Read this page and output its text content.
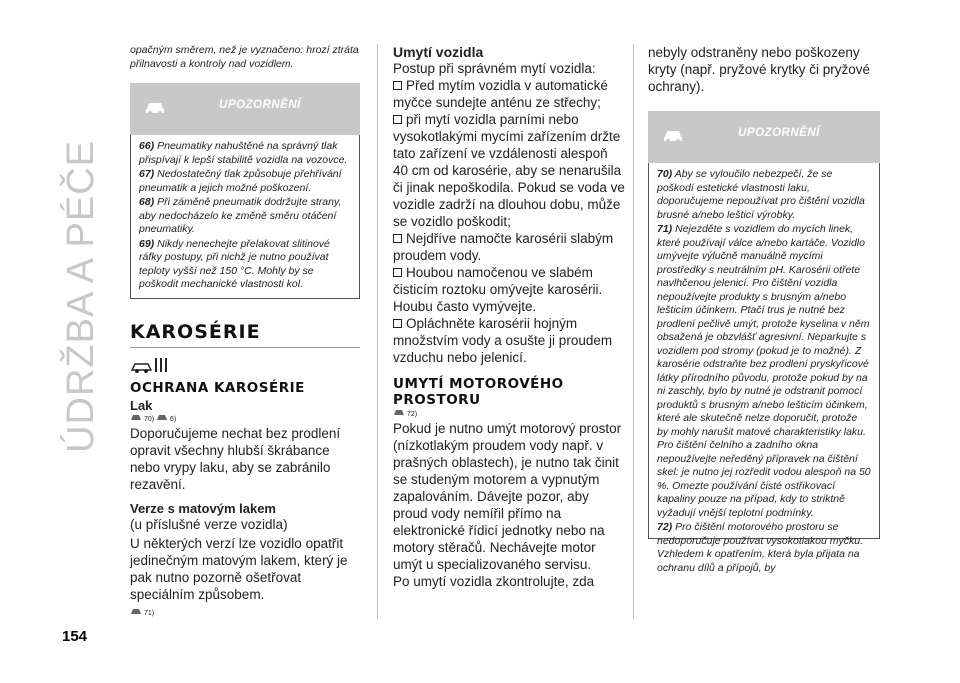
ÚDRŽBA A PÉČE
154
opačným směrem, než je vyznačeno: hrozí ztráta přilnavosti a kontroly nad vozidlem.
UPOZORNĚNÍ
66) Pneumatiky nahuštěné na správný tlak přispívají k lepší stabilitě vozidla na vozovce.
67) Nedostatečný tlak způsobuje přehřívání pneumatik a jejich možné poškození.
68) Při záměně pneumatik dodržujte strany, aby nedocházelo ke změně směru otáčení pneumatiky.
69) Nikdy nenechejte přelakovat slitinové ráfky postupy, při nichž je nutno používat teploty vyšší než 150 °C. Mohly by se poškodit mechanické vlastnosti kol.
KAROSÉRIE
OCHRANA KAROSÉRIE
Lak
70) 6)
Doporučujeme nechat bez prodlení opravit všechny hlubší škrábance nebo vrypy laku, aby se zabránilo rezavění.
Verze s matovým lakem
(u příslušné verze vozidla)
U některých verzí lze vozidlo opatřit jedinečným matovým lakem, který je pak nutno pozorně ošetřovat speciálním způsobem.
71)
Umytí vozidla
Postup při správném mytí vozidla:
Před mytím vozidla v automatické myčce sundejte anténu ze střechy;
při mytí vozidla parními nebo vysokotlakými mycími zařízením držte tato zařízení ve vzdálenosti alespoň 40 cm od karosérie, aby se nenarušila či jinak nepoškodila. Pokud se voda ve vozidle zadrží na dlouhou dobu, může se vozidlo poškodit;
Nejdříve namočte karosérii slabým proudem vody.
Houbou namočenou ve slabém čisticím roztoku omývejte karosérii. Houbu často vymývejte.
Opláchněte karosérii hojným množstvím vody a osušte ji proudem vzduchu nebo jelenicí.
UMYTÍ MOTOROVÉHO PROSTORU
72)
Pokud je nutno umýt motorový prostor (nízkotlakým proudem vody např. v prašných oblastech), je nutno tak činit se studeným motorem a vypnutým zapalováním. Dávejte pozor, aby proud vody nemířil přímo na elektronické řídicí jednotky nebo na motory stěračů. Nechávejte motor umýt u specializovaného servisu.
Po umytí vozidla zkontrolujte, zda
nebyly odstraněny nebo poškozeny kryty (např. pryžové krytky či pryžové ochrany).
UPOZORNĚNÍ
70) Aby se vyloučilo nebezpečí, že se poškodí estetické vlastnosti laku, doporučujeme nepoužívat pro čištění vozidla brusné a/nebo lešticí výrobky.
71) Nejezděte s vozidlem do mycích linek, které používají válce a/nebo kartáče. Vozidlo umývejte výlučně manuálně mycími prostředky s neutrálním pH. Karosérii otřete navlhčenou jelenicí. Pro čištění vozidla nepoužívejte produkty s brusným a/nebo lešticím účinkem. Ptačí trus je nutné bez prodlení pečlivě umýt, protože kyselina v něm obsažená je obzvlášť agresivní. Neparkujte s vozidlem pod stromy (pokud je to možné). Z karosérie odstraňte bez prodlení pryskyřicové látky přírodního původu, protože pokud by na ni zaschly, bylo by nutné je odstranit pomocí produktů s brusným a/nebo lešticím účinkem, které ale skutečně nelze doporučit, protože by mohly narušit matové charakteristiky laku. Pro čištění čelního a zadního okna nepoužívejte neředěný přípravek na čištění skel: je nutno jej rozředit vodou alespoň na 50 %. Omezte používání čisté ostřikovací kapaliny pouze na případ, kdy to striktně vyžadují vnější teplotní podmínky.
72) Pro čištění motorového prostoru se nedoporučuje používat vysokotlakou myčku. Vzhledem k opatřením, která byla přijata na ochranu dílů a přípojů, by
